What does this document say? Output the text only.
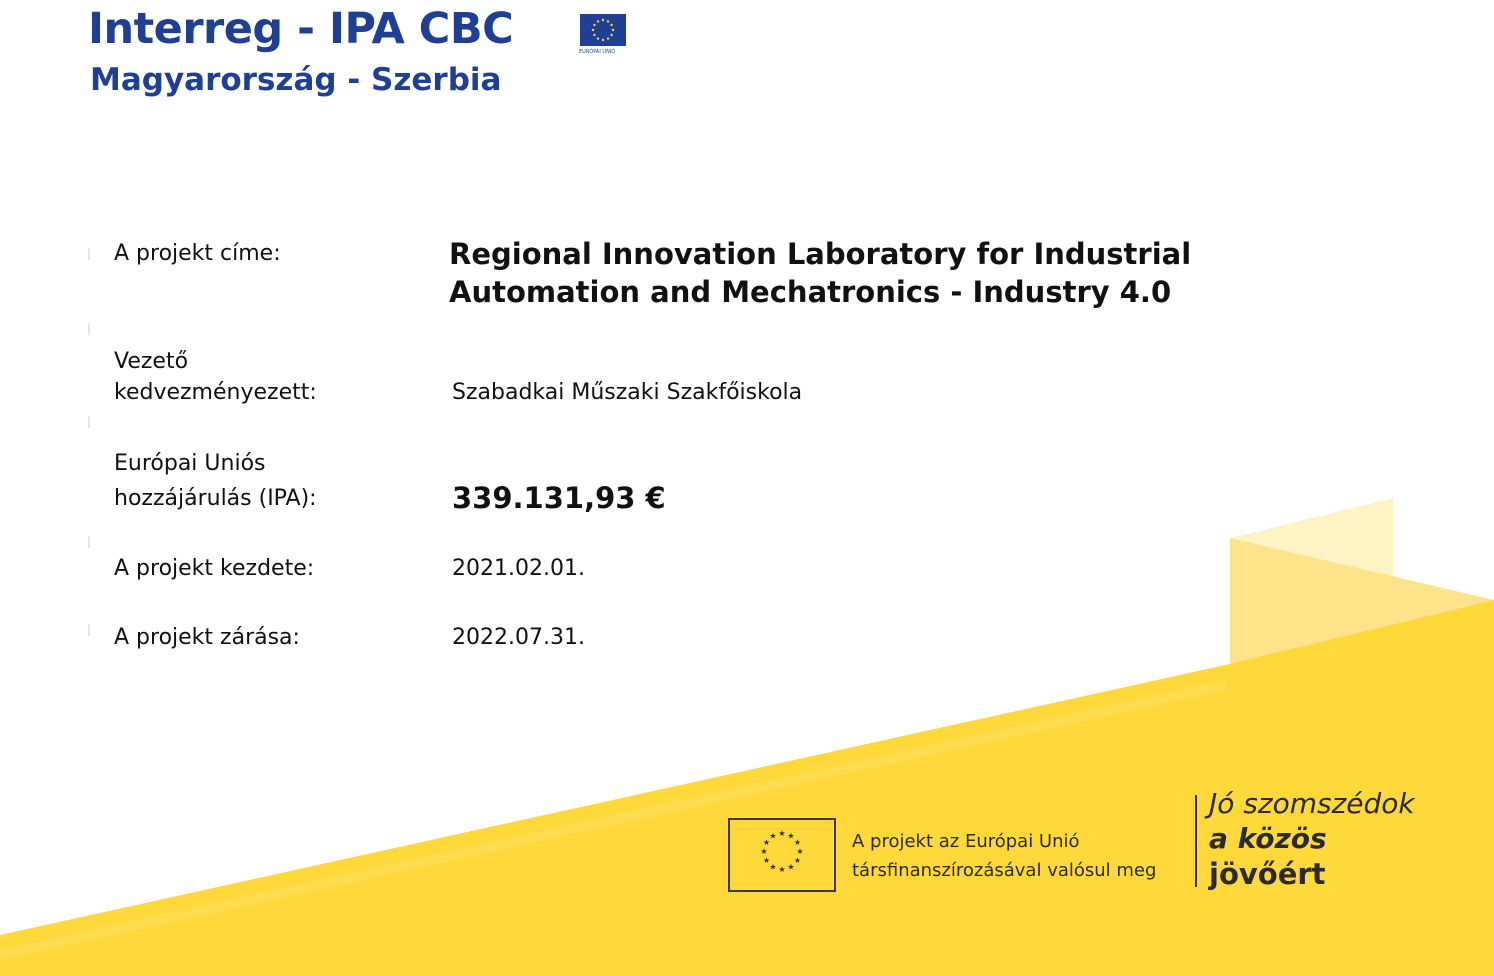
Interreg - IPA CBC
Magyarország - Szerbia
EURÓPAI UNIÓ
A projekt címe:	Regional Innovation Laboratory for Industrial
Automation and Mechatronics - Industry 4.0
Vezető
kedvezményezett:	Szabadkai Műszaki Szakfőiskola
Európai Uniós
hozzájárulás (IPA):	339.131,93 €
A projekt kezdete:	2021.02.01.
A projekt zárása:	2022.07.31.
★ ★
★
★
★
★
★
★
★
★
★
★	A projekt az Európai Unió
társfinanszírozásával valósul meg
Jó szomszédok
a közös
jövőért
